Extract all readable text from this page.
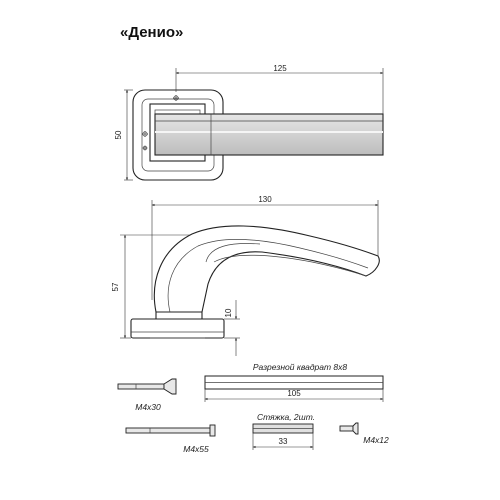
«Денио»
125
50
130
57
10
Разрезной квадрат 8x8
105
M4x30
M4x55
Стяжка, 2шт.
33	M4x12
